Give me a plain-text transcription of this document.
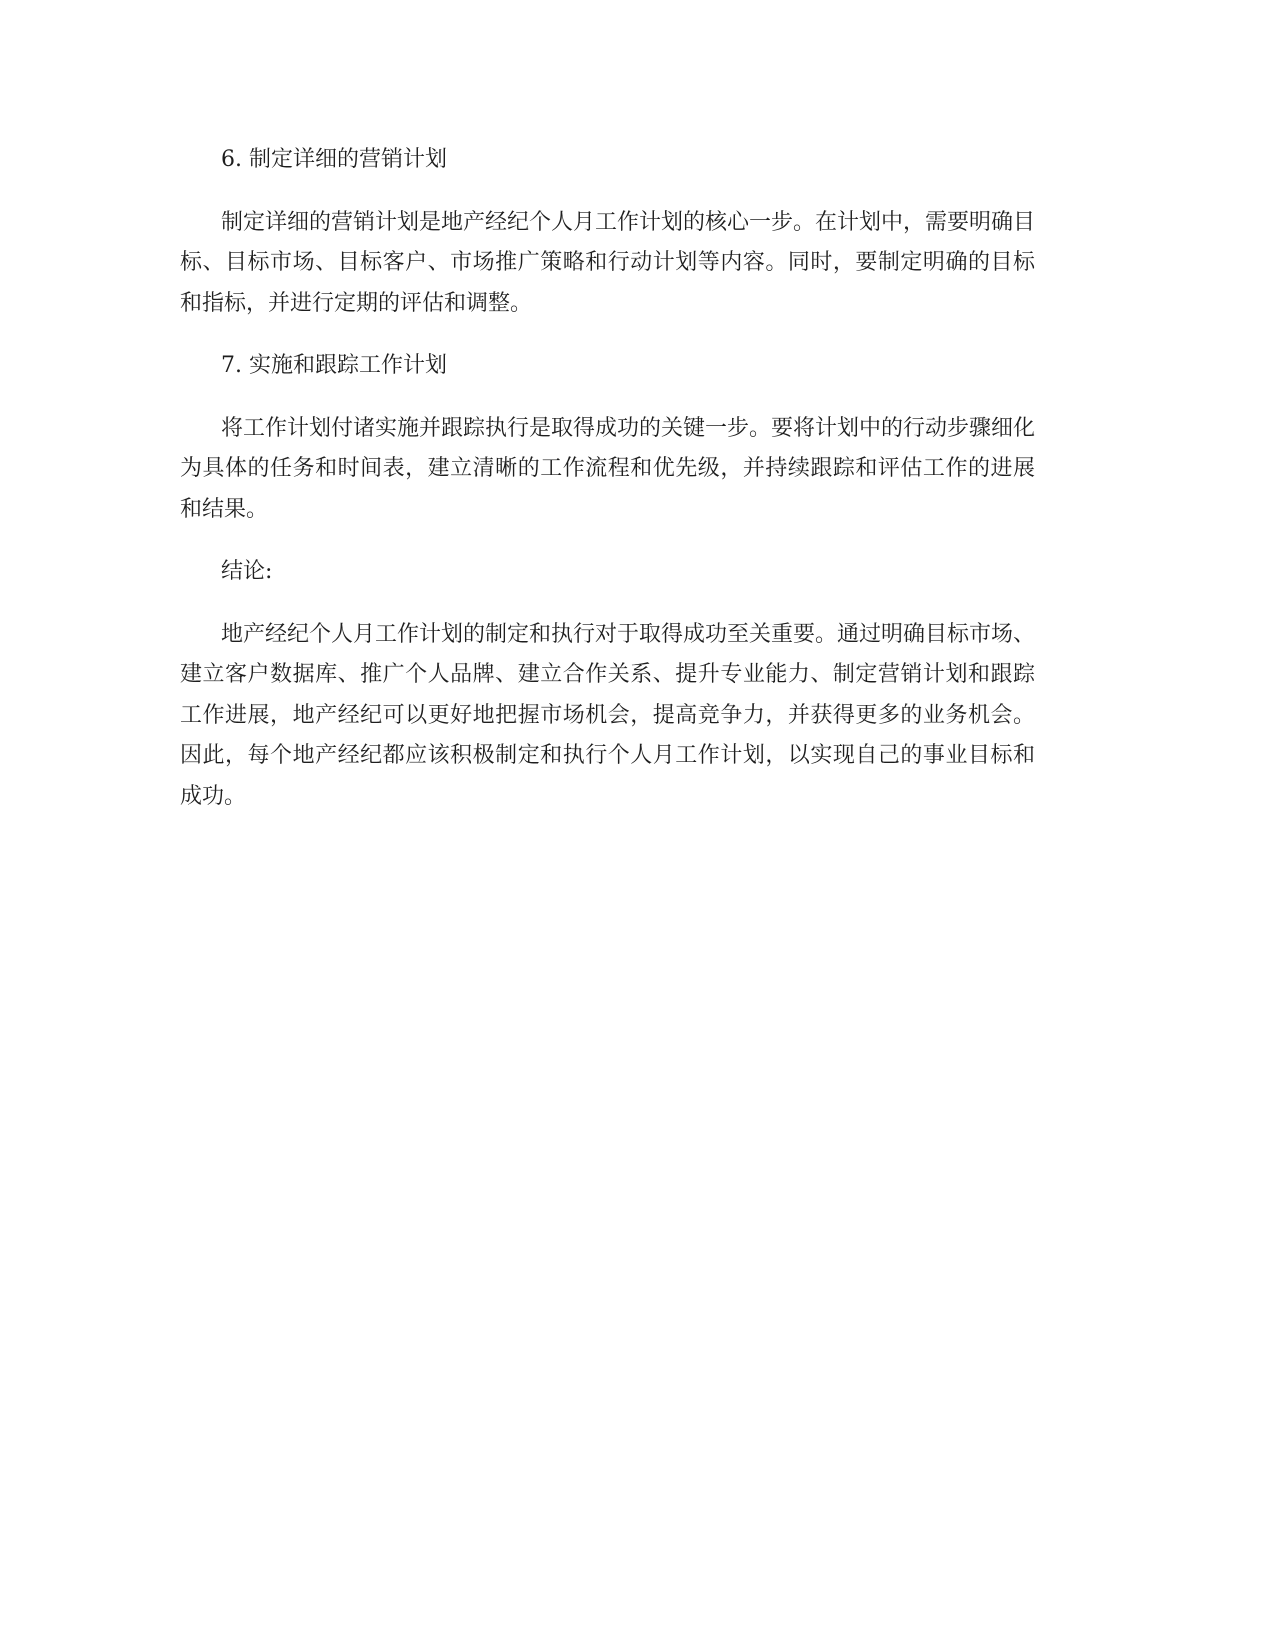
6. 制定详细的营销计划

制定详细的营销计划是地产经纪个人月工作计划的核心一步。在计划中，需要明确目标、目标市场、目标客户、市场推广策略和行动计划等内容。同时，要制定明确的目标和指标，并进行定期的评估和调整。

7. 实施和跟踪工作计划

将工作计划付诸实施并跟踪执行是取得成功的关键一步。要将计划中的行动步骤细化为具体的任务和时间表，建立清晰的工作流程和优先级，并持续跟踪和评估工作的进展和结果。

结论:

地产经纪个人月工作计划的制定和执行对于取得成功至关重要。通过明确目标市场、建立客户数据库、推广个人品牌、建立合作关系、提升专业能力、制定营销计划和跟踪工作进展，地产经纪可以更好地把握市场机会，提高竞争力，并获得更多的业务机会。因此，每个地产经纪都应该积极制定和执行个人月工作计划，以实现自己的事业目标和成功。
